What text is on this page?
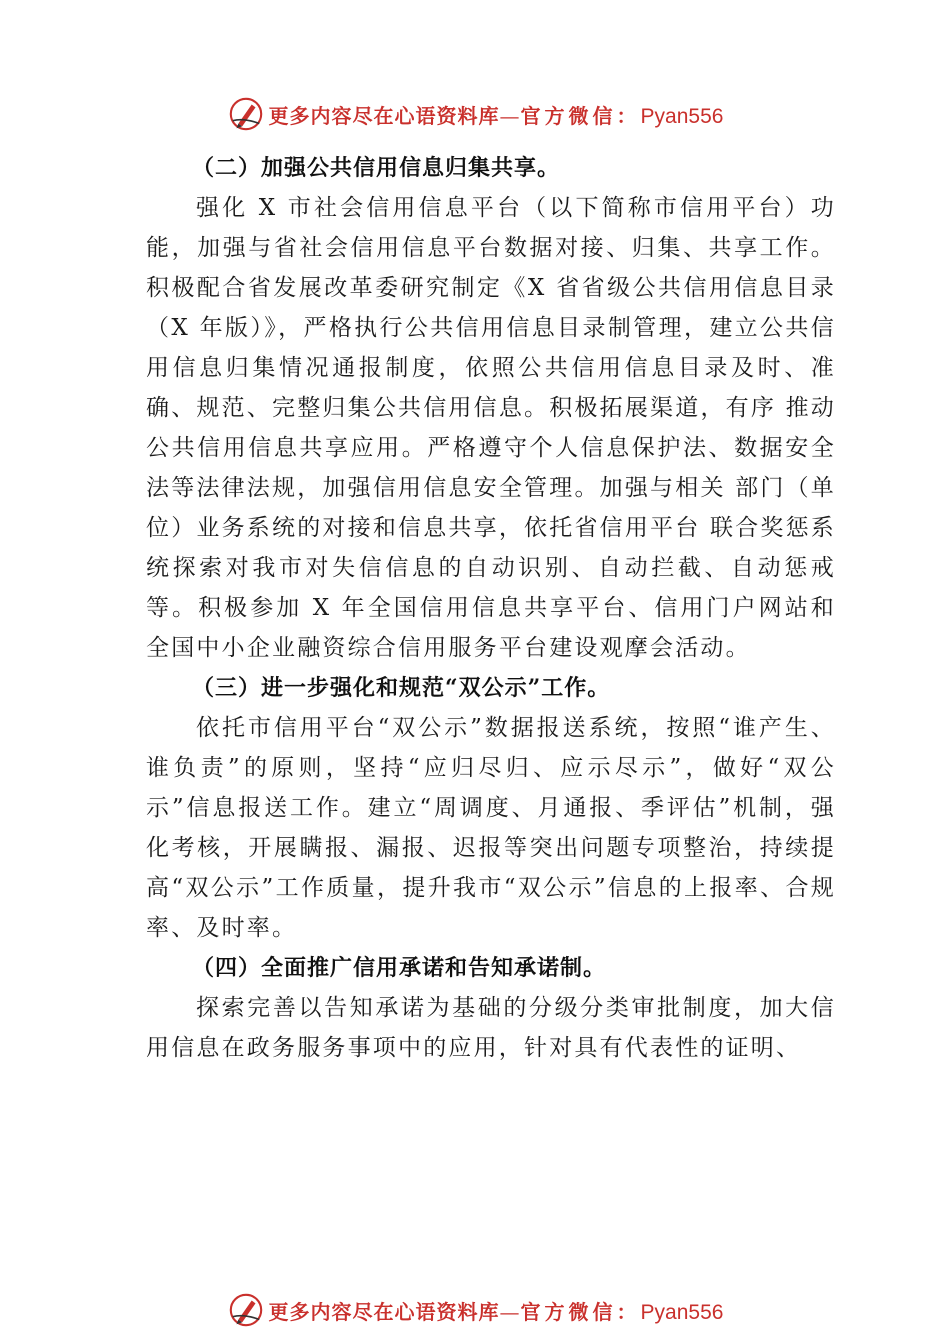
更多内容尽在心语资料库—官方微信：Pyan556

（二）加强公共信用信息归集共享。

强化 X 市社会信用信息平台（以下简称市信用平台）功能，加强与省社会信用信息平台数据对接、归集、共享工作。 积极配合省发展改革委研究制定《X 省省级公共信用信息目录（X 年版）》，严格执行公共信用信息目录制管理，建立公共信用信息归集情况通报制度，依照公共信用信息目录及时、准确、规范、完整归集公共信用信息。积极拓展渠道，有序 推动公共信用信息共享应用。严格遵守个人信息保护法、数据安全法等法律法规，加强信用信息安全管理。加强与相关 部门（单位）业务系统的对接和信息共享，依托省信用平台 联合奖惩系统探索对我市对失信信息的自动识别、自动拦截、自动惩戒等。积极参加 X 年全国信用信息共享平台、信用门户网站和全国中小企业融资综合信用服务平台建设观摩会活动。

（三）进一步强化和规范“双公示”工作。

依托市信用平台“双公示”数据报送系统，按照“谁产生、谁负责”的原则，坚持“应归尽归、应示尽示”，做好“双公示”信息报送工作。建立“周调度、月通报、季评估”机制，强化考核，开展瞒报、漏报、迟报等突出问题专项整治，持续提高“双公示”工作质量，提升我市“双公示”信息的上报率、合规率、及时率。

（四）全面推广信用承诺和告知承诺制。

探索完善以告知承诺为基础的分级分类审批制度，加大信用信息在政务服务事项中的应用，针对具有代表性的证明、

更多内容尽在心语资料库—官方微信：Pyan556
